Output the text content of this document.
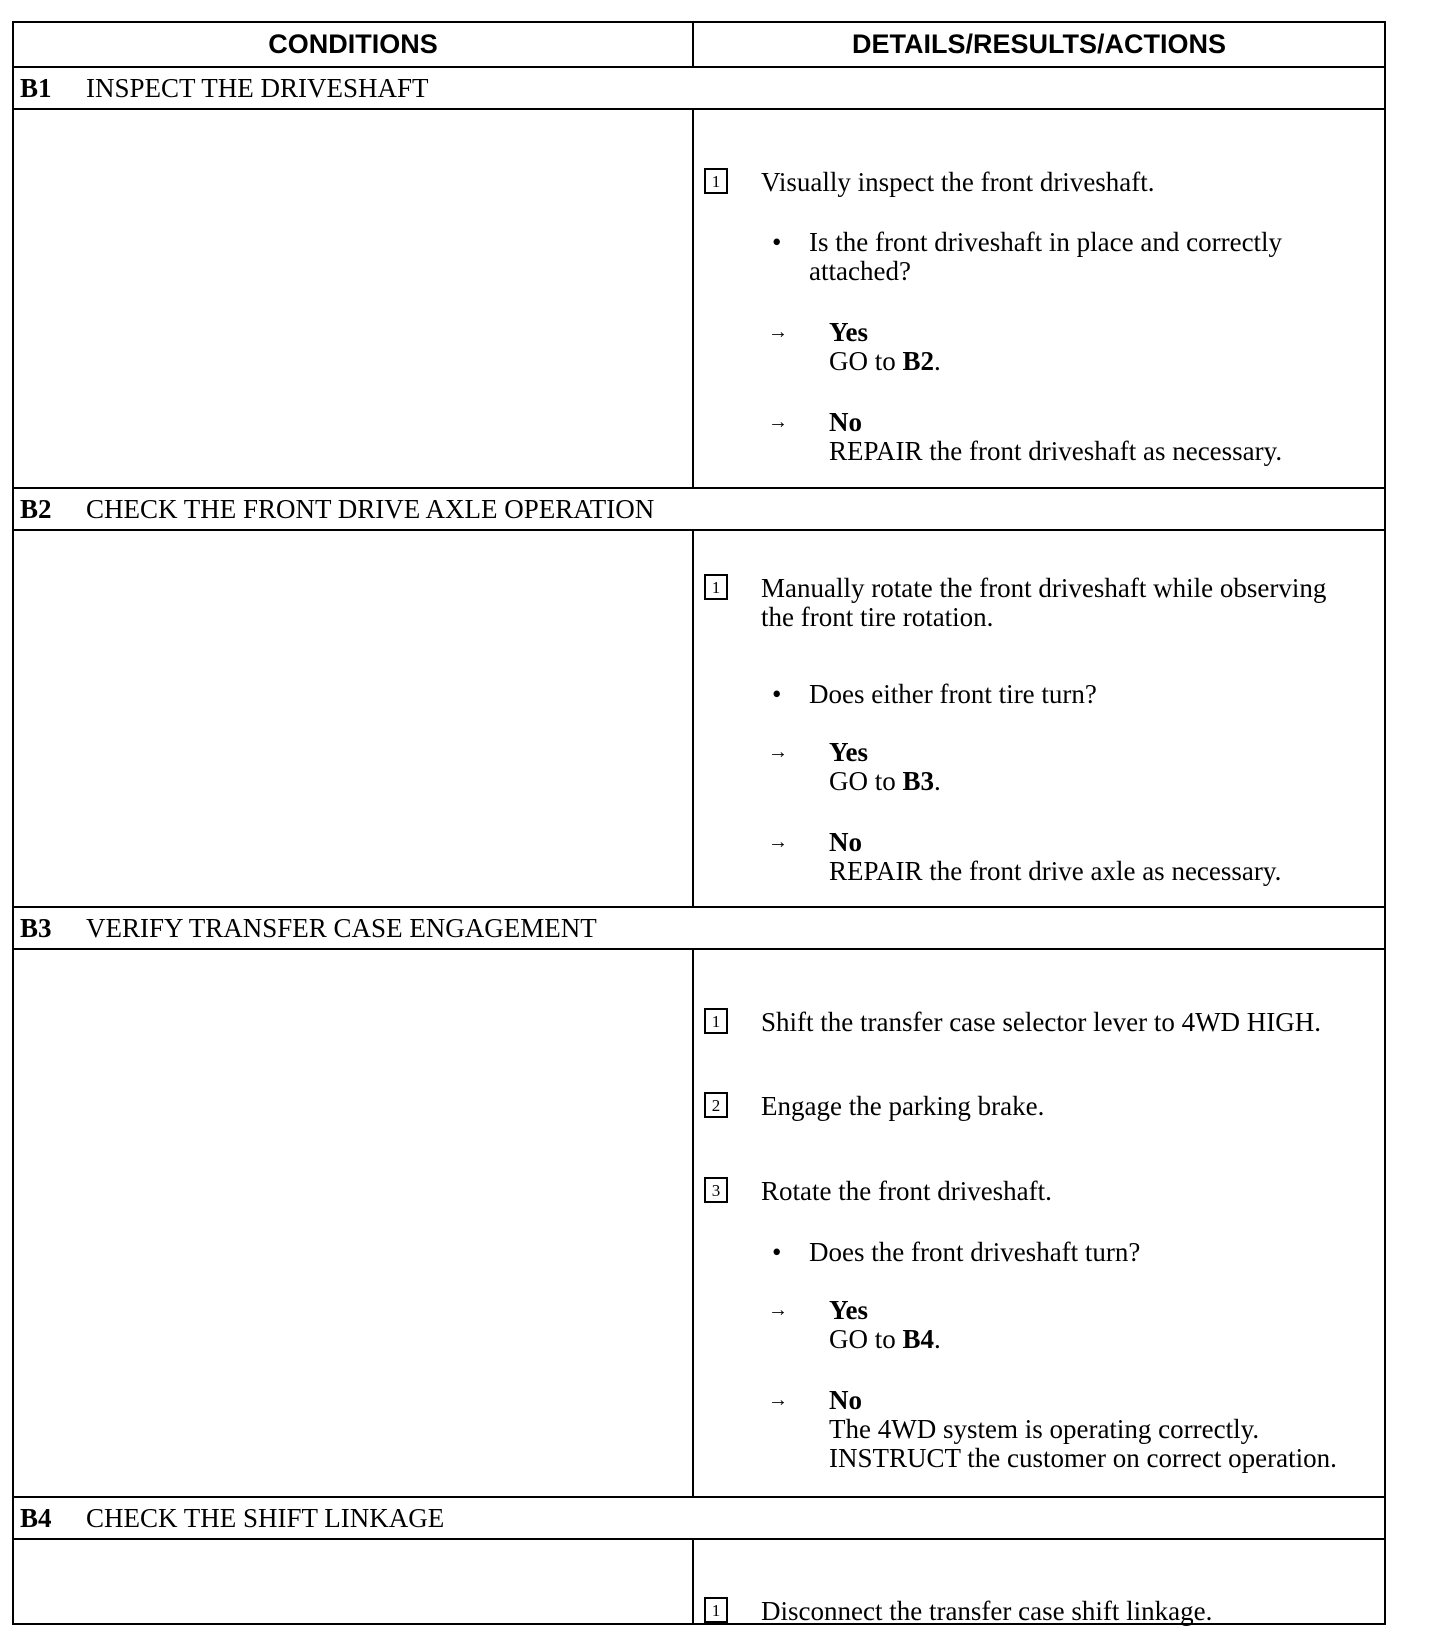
CONDITIONS	DETAILS/RESULTS/ACTIONS
B1	INSPECT THE DRIVESHAFT
1 Visually inspect the front driveshaft.
• Is the front driveshaft in place and correctly attached?
→ Yes
GO to B2.
→ No
REPAIR the front driveshaft as necessary.
B2	CHECK THE FRONT DRIVE AXLE OPERATION
1 Manually rotate the front driveshaft while observing the front tire rotation.
• Does either front tire turn?
→ Yes
GO to B3.
→ No
REPAIR the front drive axle as necessary.
B3	VERIFY TRANSFER CASE ENGAGEMENT
1 Shift the transfer case selector lever to 4WD HIGH.
2 Engage the parking brake.
3 Rotate the front driveshaft.
• Does the front driveshaft turn?
→ Yes
GO to B4.
→ No
The 4WD system is operating correctly. INSTRUCT the customer on correct operation.
B4	CHECK THE SHIFT LINKAGE
1 Disconnect the transfer case shift linkage.
